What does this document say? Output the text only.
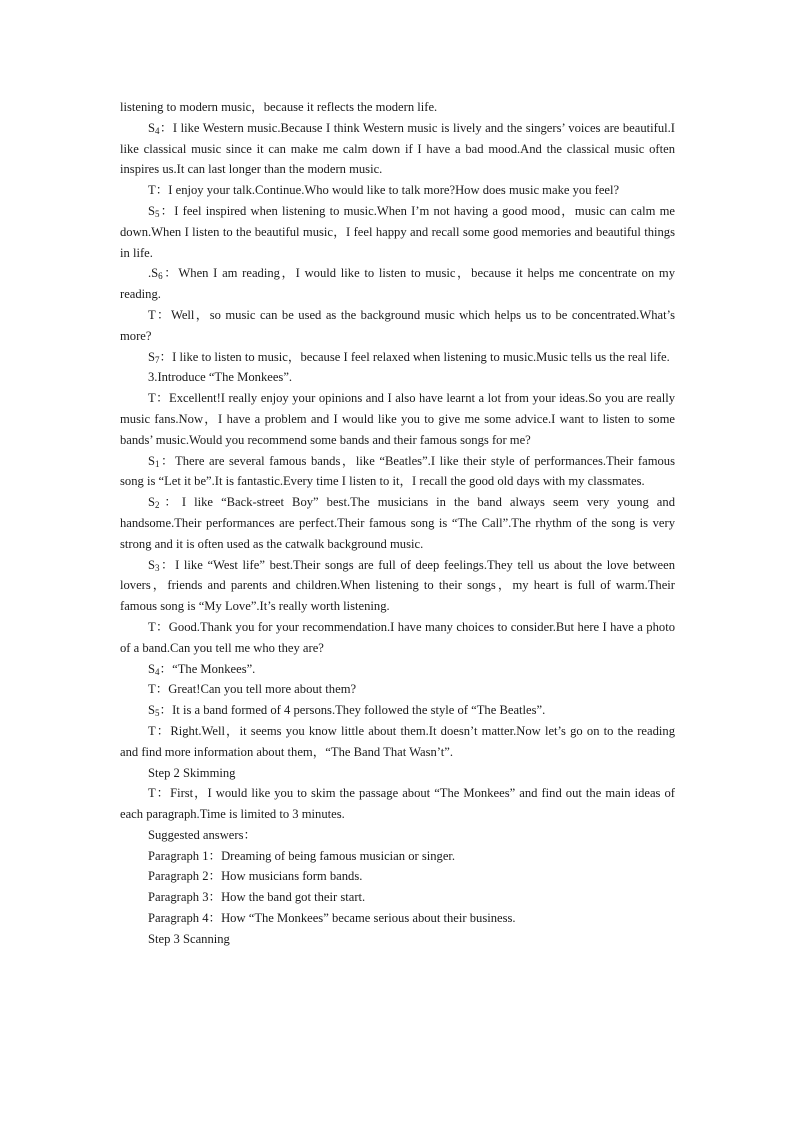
listening to modern music，because it reflects the modern life.

$S_4$：I like Western music.Because I think Western music is lively and the singers’ voices are beautiful.I like classical music since it can make me calm down if I have a bad mood.And the classical music often inspires us.It can last longer than the modern music.

T：I enjoy your talk.Continue.Who would like to talk more?How does music make you feel?

$S_5$：I feel inspired when listening to music.When I’m not having a good mood，music can calm me down.When I listen to the beautiful music，I feel happy and recall some good memories and beautiful things in life.

$.S_6$：When I am reading，I would like to listen to music，because it helps me concentrate on my reading.

T：Well，so music can be used as the background music which helps us to be concentrated.What’s more?

$S_7$：I like to listen to music，because I feel relaxed when listening to music.Music tells us the real life.

3.Introduce “The Monkees”.

T：Excellent!I really enjoy your opinions and I also have learnt a lot from your ideas.So you are really music fans.Now，I have a problem and I would like you to give me some advice.I want to listen to some bands’ music.Would you recommend some bands and their famous songs for me?

$S_1$：There are several famous bands，like “Beatles”.I like their style of performances.Their famous song is “Let it be”.It is fantastic.Every time I listen to it，I recall the good old days with my classmates.

$S_2$：I like “Back-street Boy” best.The musicians in the band always seem very young and handsome.Their performances are perfect.Their famous song is “The Call”.The rhythm of the song is very strong and it is often used as the catwalk background music.

$S_3$：I like “West life” best.Their songs are full of deep feelings.They tell us about the love between lovers，friends and parents and children.When listening to their songs，my heart is full of warm.Their famous song is “My Love”.It’s really worth listening.

T：Good.Thank you for your recommendation.I have many choices to consider.But here I have a photo of a band.Can you tell me who they are?

$S_4$：“The Monkees”.

T：Great!Can you tell more about them?

$S_5$：It is a band formed of 4 persons.They followed the style of “The Beatles”.

T：Right.Well，it seems you know little about them.It doesn’t matter.Now let’s go on to the reading and find more information about them，“The Band That Wasn’t”.

Step 2 Skimming

T：First，I would like you to skim the passage about “The Monkees” and find out the main ideas of each paragraph.Time is limited to 3 minutes.

Suggested answers：

Paragraph 1：Dreaming of being famous musician or singer.

Paragraph 2：How musicians form bands.

Paragraph 3：How the band got their start.

Paragraph 4：How “The Monkees” became serious about their business.

Step 3 Scanning
